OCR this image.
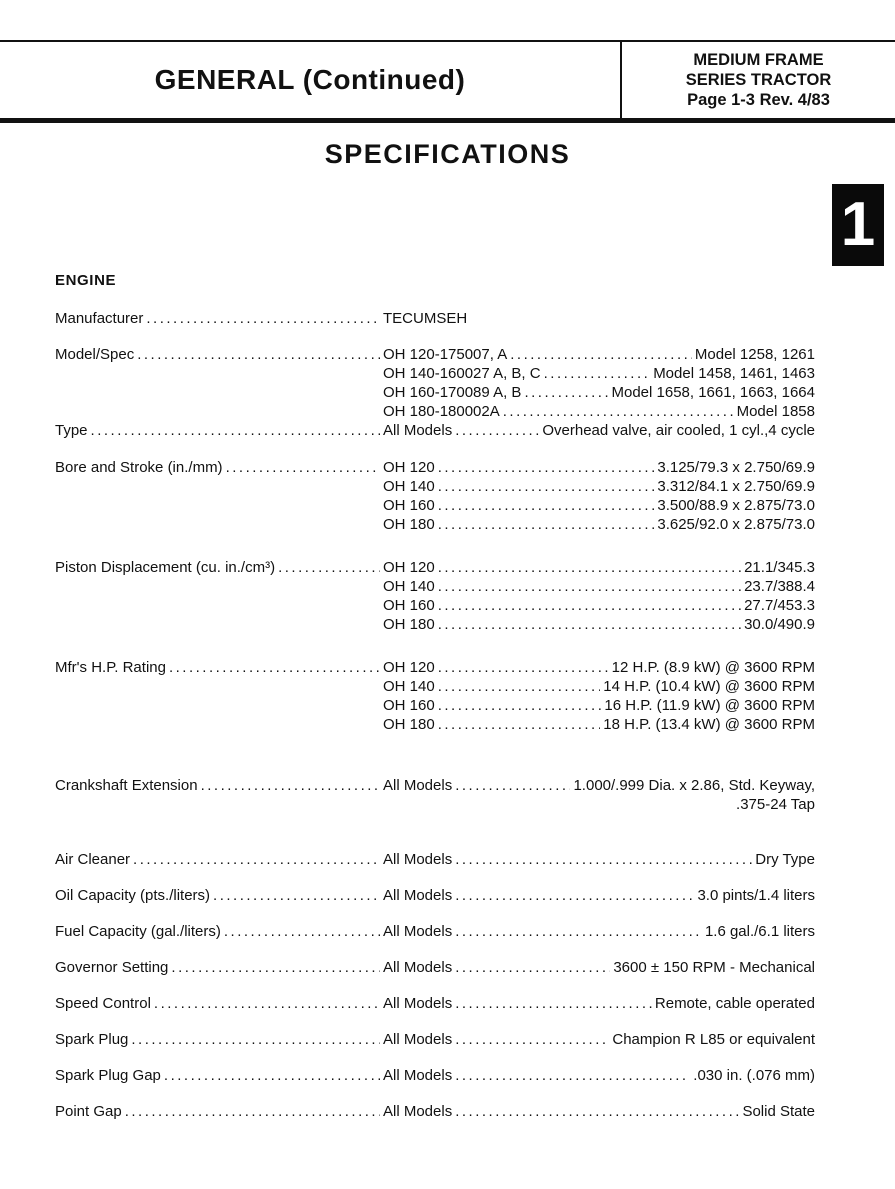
GENERAL (Continued)
MEDIUM FRAME
SERIES TRACTOR
Page 1-3 Rev. 4/83
SPECIFICATIONS
1
ENGINE
Manufacturer .....	TECUMSEH
Model/Spec .....	OH 120-175007, A .....	Model 1258, 1261
OH 140-160027 A, B, C .....	Model 1458, 1461, 1463
OH 160-170089 A, B .....	Model 1658, 1661, 1663, 1664
OH 180-180002A .....	Model 1858
Type .....	All Models .....	Overhead valve, air cooled, 1 cyl.,4 cycle
Bore and Stroke (in./mm) .....	OH 120 .....	3.125/79.3 x 2.750/69.9
OH 140 .....	3.312/84.1 x 2.750/69.9
OH 160 .....	3.500/88.9 x 2.875/73.0
OH 180 .....	3.625/92.0 x 2.875/73.0
Piston Displacement (cu. in./cm³) .....	OH 120 .....	21.1/345.3
OH 140 .....	23.7/388.4
OH 160 .....	27.7/453.3
OH 180 .....	30.0/490.9
Mfr's H.P. Rating .....	OH 120 .....	12 H.P. (8.9 kW) @ 3600 RPM
OH 140 .....	14 H.P. (10.4 kW) @ 3600 RPM
OH 160 .....	16 H.P. (11.9 kW) @ 3600 RPM
OH 180 .....	18 H.P. (13.4 kW) @ 3600 RPM
Crankshaft Extension .....	All Models .....	1.000/.999 Dia. x 2.86, Std. Keyway,
.375-24 Tap
Air Cleaner .....	All Models .....	Dry Type
Oil Capacity (pts./liters) .....	All Models .....	3.0 pints/1.4 liters
Fuel Capacity (gal./liters) .....	All Models .....	1.6 gal./6.1 liters
Governor Setting .....	All Models .....	3600 ± 150 RPM - Mechanical
Speed Control .....	All Models .....	Remote, cable operated
Spark Plug .....	All Models .....	Champion R L85 or equivalent
Spark Plug Gap .....	All Models .....	.030 in. (.076 mm)
Point Gap .....	All Models .....	Solid State
